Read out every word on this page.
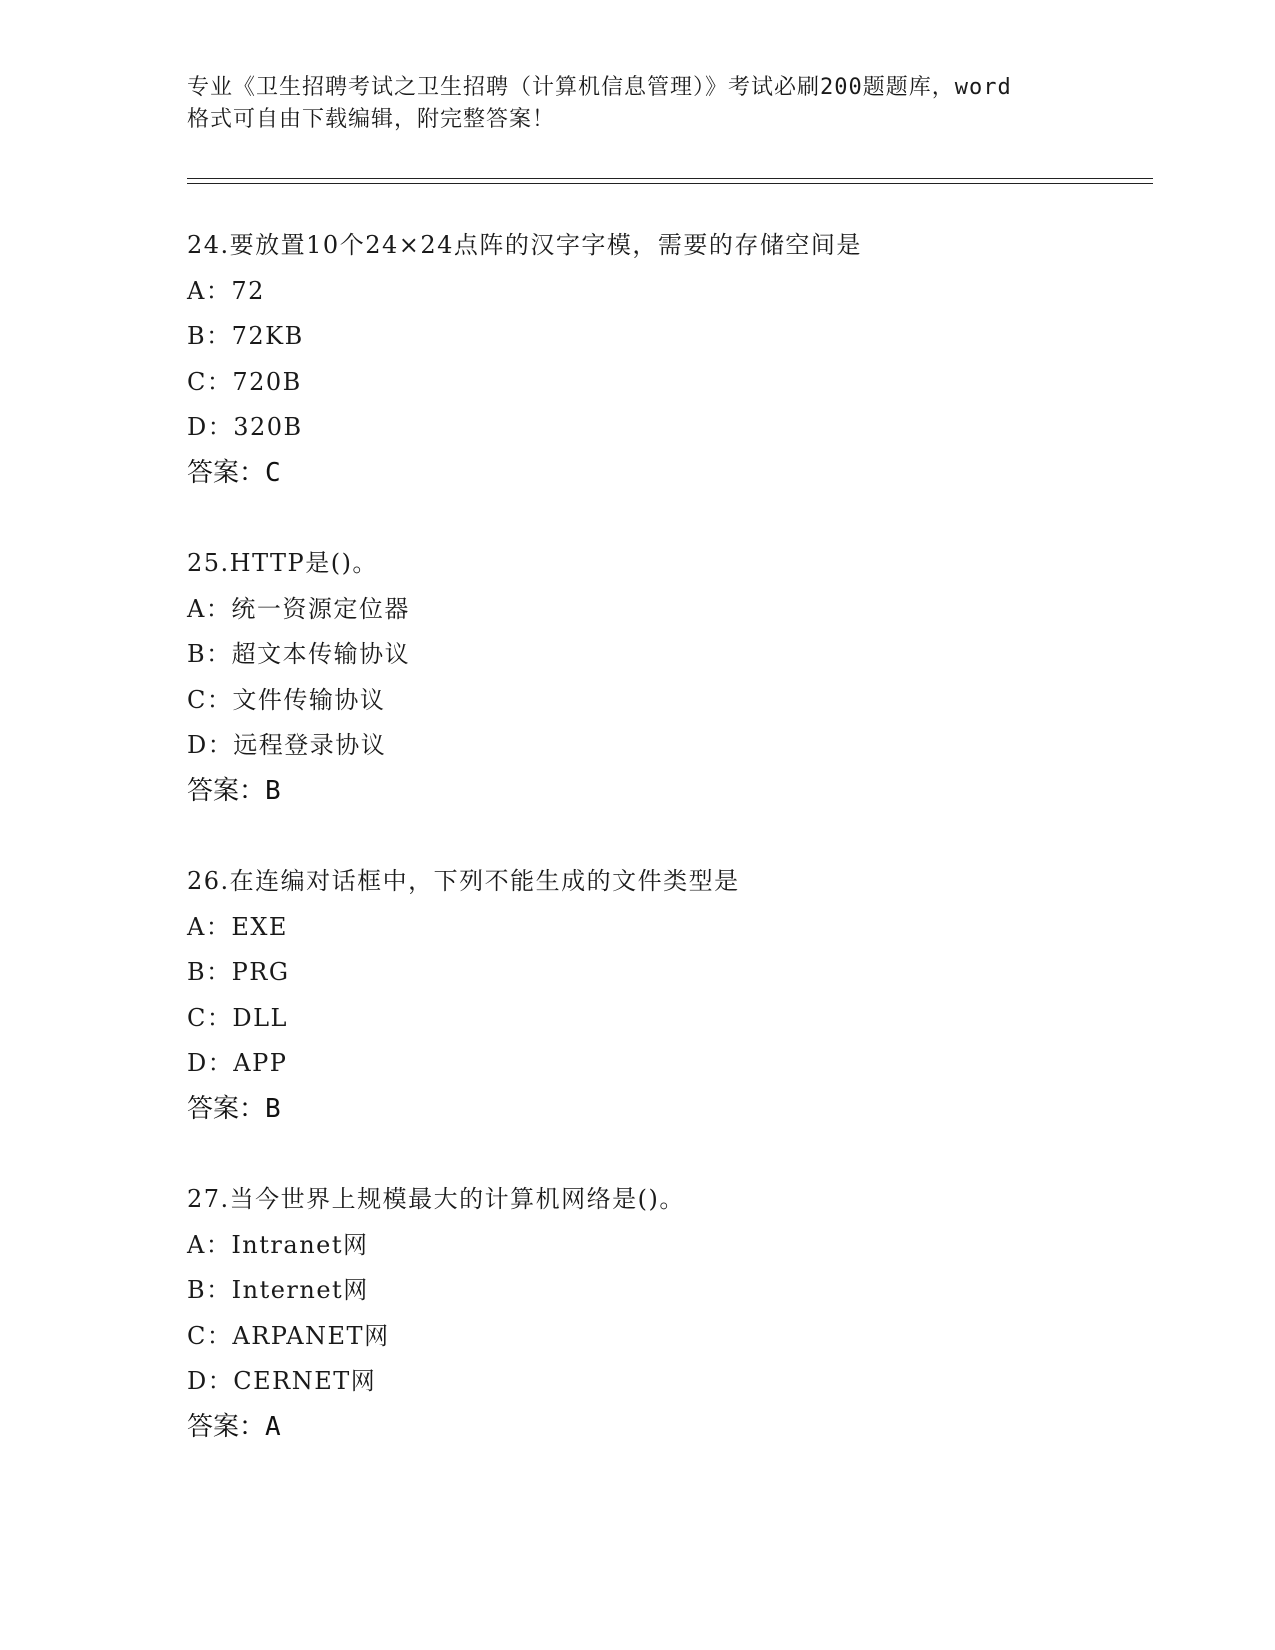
专业《卫生招聘考试之卫生招聘（计算机信息管理）》考试必刷200题题库，word
格式可自由下载编辑，附完整答案！
24.要放置10个24×24点阵的汉字字模，需要的存储空间是
A：72
B：72KB
C：720B
D：320B
答案：C
25.HTTP是()。
A：统一资源定位器
B：超文本传输协议
C：文件传输协议
D：远程登录协议
答案：B
26.在连编对话框中，下列不能生成的文件类型是
A：EXE
B：PRG
C：DLL
D：APP
答案：B
27.当今世界上规模最大的计算机网络是()。
A：Intranet网
B：Internet网
C：ARPANET网
D：CERNET网
答案：A
